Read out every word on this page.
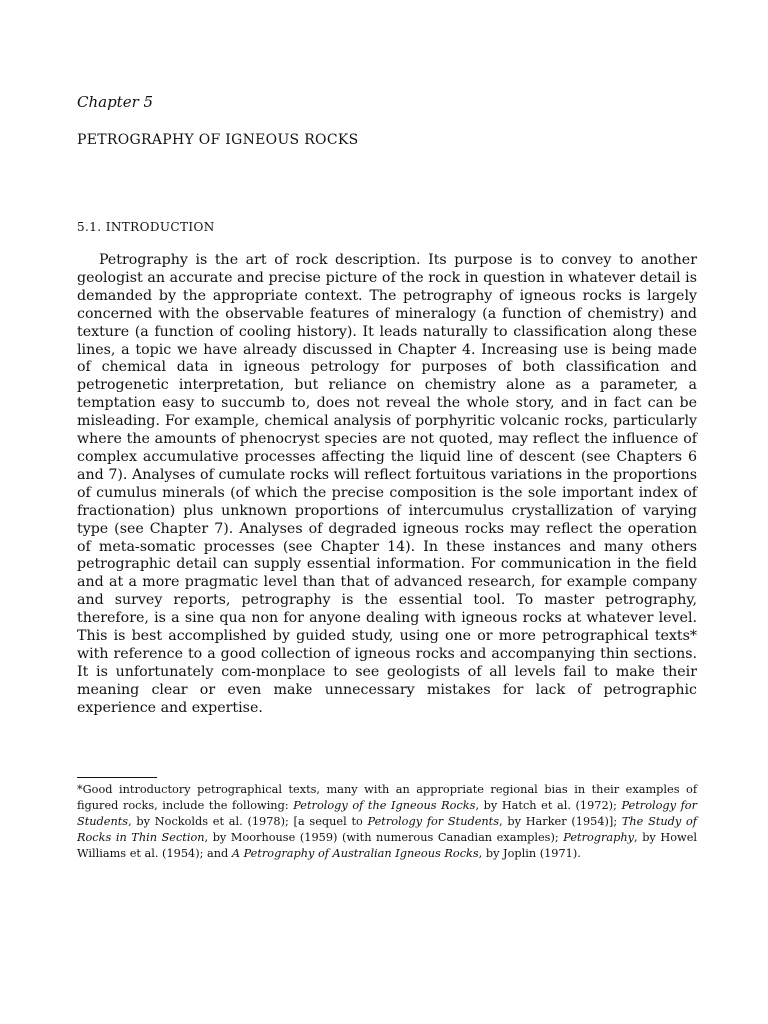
Chapter 5
PETROGRAPHY OF IGNEOUS ROCKS
5.1. INTRODUCTION

Petrography is the art of rock description. Its purpose is to convey to another geologist an accurate and precise picture of the rock in question in whatever detail is demanded by the appropriate context. The petrography of igneous rocks is largely concerned with the observable features of mineralogy (a function of chemistry) and texture (a function of cooling history). It leads naturally to classification along these lines, a topic we have already discussed in Chapter 4. Increasing use is being made of chemical data in igneous petrology for purposes of both classification and petrogenetic interpretation, but reliance on chemistry alone as a parameter, a temptation easy to succumb to, does not reveal the whole story, and in fact can be misleading. For example, chemical analysis of porphyritic volcanic rocks, particularly where the amounts of phenocryst species are not quoted, may reflect the influence of complex accumulative processes affecting the liquid line of descent (see Chapters 6 and 7). Analyses of cumulate rocks will reflect fortuitous variations in the proportions of cumulus minerals (of which the precise composition is the sole important index of fractionation) plus unknown proportions of intercumulus crystallization of varying type (see Chapter 7). Analyses of degraded igneous rocks may reflect the operation of meta-somatic processes (see Chapter 14). In these instances and many others petrographic detail can supply essential information. For communication in the field and at a more pragmatic level than that of advanced research, for example company and survey reports, petrography is the essential tool. To master petrography, therefore, is a sine qua non for anyone dealing with igneous rocks at whatever level. This is best accomplished by guided study, using one or more petrographical texts* with reference to a good collection of igneous rocks and accompanying thin sections. It is unfortunately com-monplace to see geologists of all levels fail to make their meaning clear or even make unnecessary mistakes for lack of petrographic experience and expertise.

*Good introductory petrographical texts, many with an appropriate regional bias in their examples of figured rocks, include the following: Petrology of the Igneous Rocks, by Hatch et al. (1972); Petrology for Students, by Nockolds et al. (1978); [a sequel to Petrology for Students, by Harker (1954)]; The Study of Rocks in Thin Section, by Moorhouse (1959) (with numerous Canadian examples); Petrography, by Howel Williams et al. (1954); and A Petrography of Australian Igneous Rocks, by Joplin (1971).
